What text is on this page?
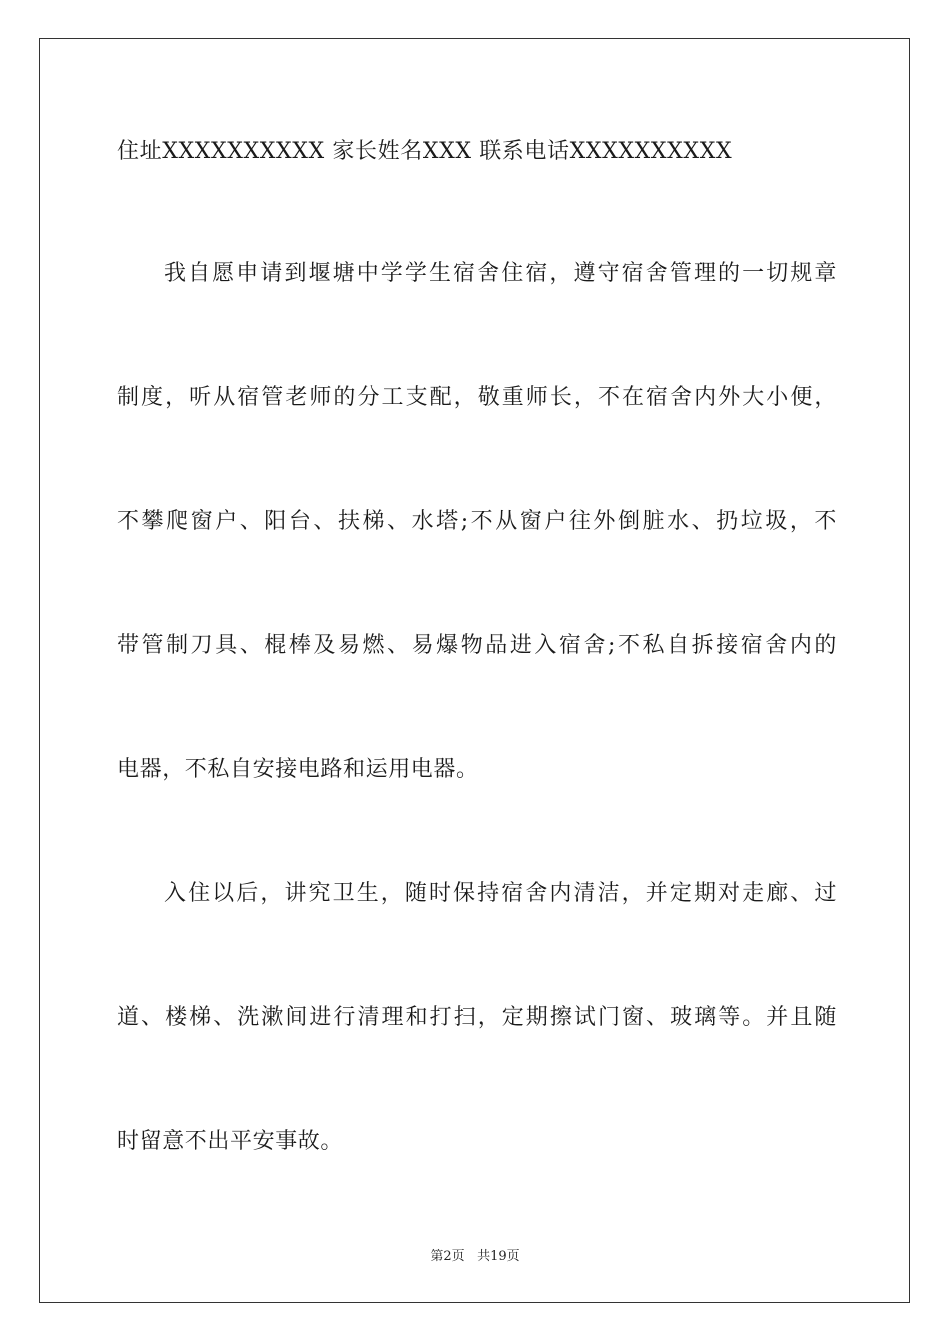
住址XXXXXXXXXX 家长姓名XXX 联系电话XXXXXXXXXX
我自愿申请到堰塘中学学生宿舍住宿，遵守宿舍管理的一切规章
制度，听从宿管老师的分工支配，敬重师长，不在宿舍内外大小便，
不攀爬窗户、阳台、扶梯、水塔;不从窗户往外倒脏水、扔垃圾，不
带管制刀具、棍棒及易燃、易爆物品进入宿舍;不私自拆接宿舍内的
电器，不私自安接电路和运用电器。
入住以后，讲究卫生，随时保持宿舍内清洁，并定期对走廊、过
道、楼梯、洗漱间进行清理和打扫，定期擦试门窗、玻璃等。并且随
时留意不出平安事故。
第2页 共19页
